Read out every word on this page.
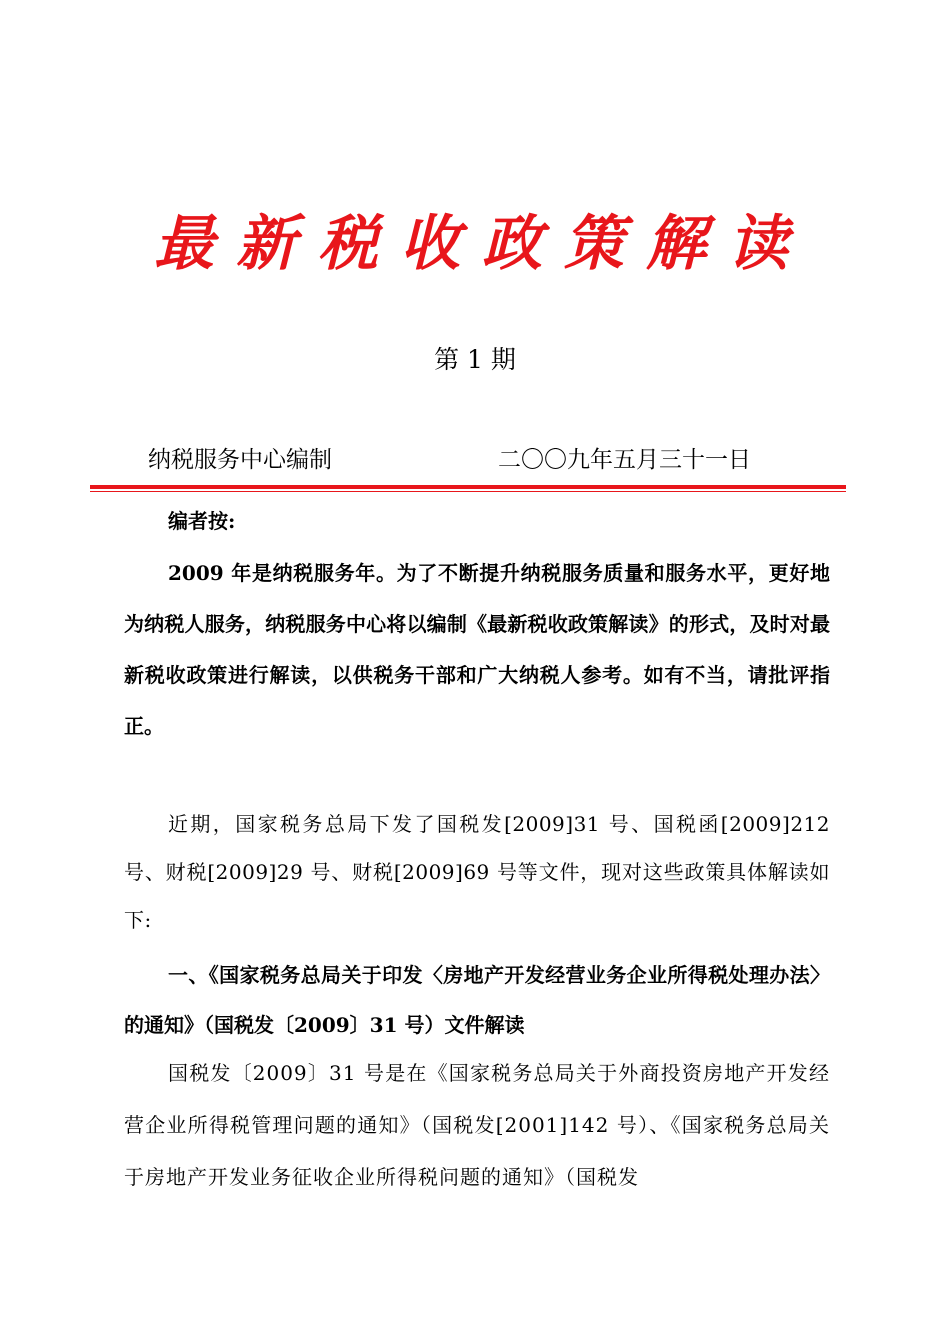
最新税收政策解读
第 1 期
纳税服务中心编制	二〇〇九年五月三十一日
编者按:

2009 年是纳税服务年。为了不断提升纳税服务质量和服务水平，更好地为纳税人服务，纳税服务中心将以编制《最新税收政策解读》的形式，及时对最新税收政策进行解读，以供税务干部和广大纳税人参考。如有不当，请批评指正。

近期，国家税务总局下发了国税发[2009]31 号、国税函[2009]212 号、财税[2009]29 号、财税[2009]69 号等文件，现对这些政策具体解读如下:

一、《国家税务总局关于印发〈房地产开发经营业务企业所得税处理办法〉的通知》（国税发〔2009〕31 号）文件解读

国税发〔2009〕31 号是在《国家税务总局关于外商投资房地产开发经营企业所得税管理问题的通知》（国税发[2001]142 号）、《国家税务总局关于房地产开发业务征收企业所得税问题的通知》（国税发
